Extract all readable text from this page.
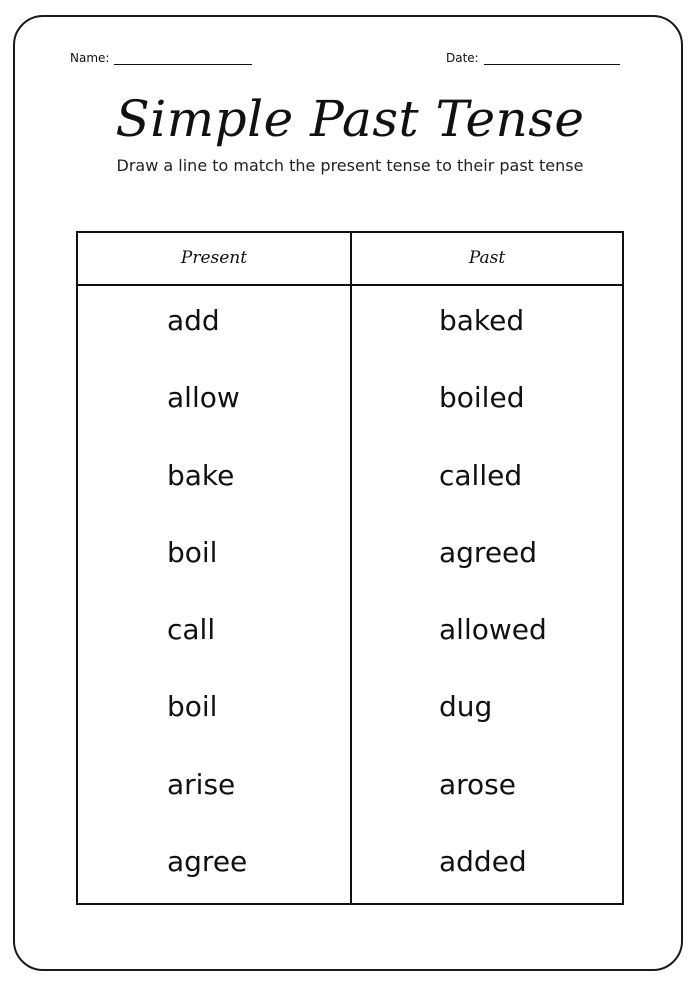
Name:	Date:
Simple Past Tense
Draw a line to match the present tense to their past tense
Present	Past
add
allow
bake
boil
call
boil
arise
agree
baked
boiled
called
agreed
allowed
dug
arose
added
